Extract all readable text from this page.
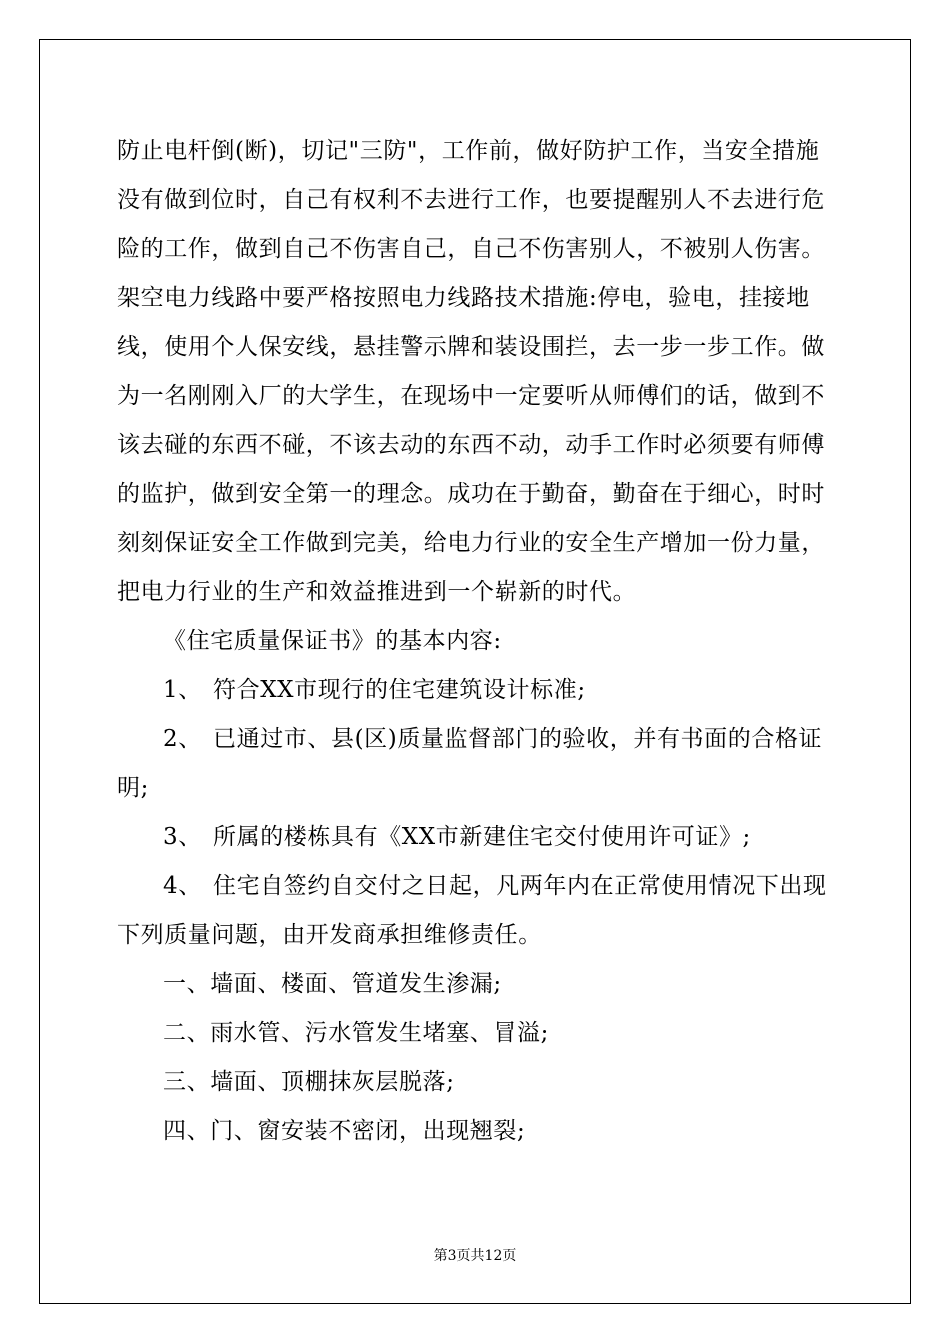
防止电杆倒(断)，切记"三防"，工作前，做好防护工作，当安全措施
没有做到位时，自己有权利不去进行工作，也要提醒别人不去进行危
险的工作，做到自己不伤害自己，自己不伤害别人，不被别人伤害。
架空电力线路中要严格按照电力线路技术措施:停电，验电，挂接地
线，使用个人保安线，悬挂警示牌和装设围拦，去一步一步工作。做
为一名刚刚入厂的大学生，在现场中一定要听从师傅们的话，做到不
该去碰的东西不碰，不该去动的东西不动，动手工作时必须要有师傅
的监护，做到安全第一的理念。成功在于勤奋，勤奋在于细心，时时
刻刻保证安全工作做到完美，给电力行业的安全生产增加一份力量，
把电力行业的生产和效益推进到一个崭新的时代。
《住宅质量保证书》的基本内容:
1、 符合XX市现行的住宅建筑设计标准;
2、 已通过市、县(区)质量监督部门的验收，并有书面的合格证
明;
3、 所属的楼栋具有《XX市新建住宅交付使用许可证》;
4、 住宅自签约自交付之日起，凡两年内在正常使用情况下出现
下列质量问题，由开发商承担维修责任。
一、墙面、楼面、管道发生渗漏;
二、雨水管、污水管发生堵塞、冒溢;
三、墙面、顶棚抹灰层脱落;
四、门、窗安装不密闭，出现翘裂;
第3页共12页
